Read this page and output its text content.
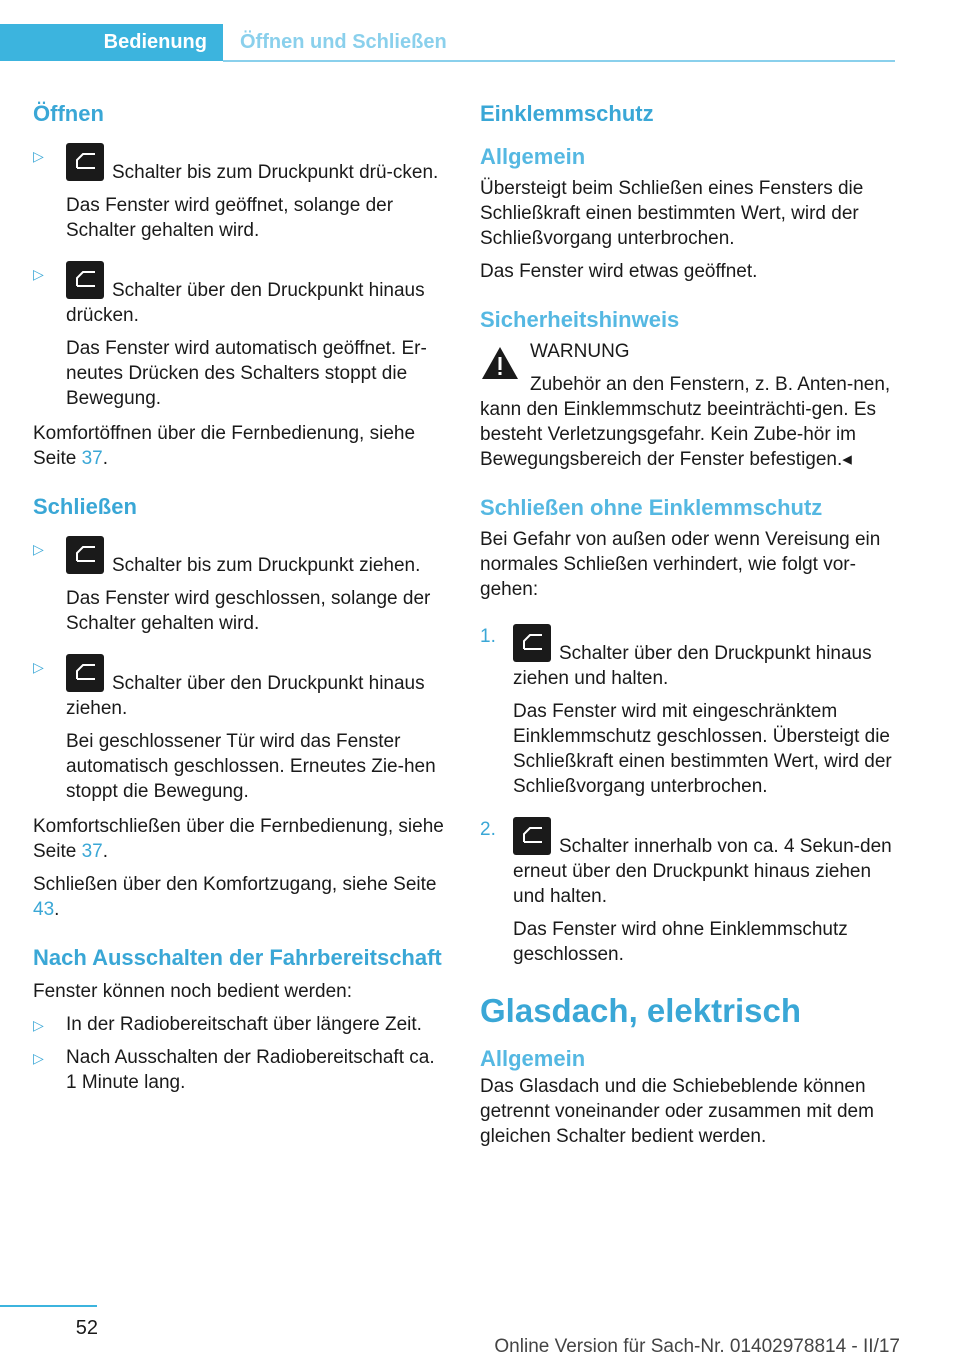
Bedienung	Öffnen und Schließen
Öffnen
▷

Schalter bis zum Druckpunkt drü-cken.

Das Fenster wird geöffnet, solange der Schalter gehalten wird.

▷

Schalter über den Druckpunkt hinaus drücken.

Das Fenster wird automatisch geöffnet. Er-neutes Drücken des Schalters stoppt die Bewegung.

Komfortöffnen über die Fernbedienung, siehe Seite 37.

Schließen
▷

Schalter bis zum Druckpunkt ziehen.

Das Fenster wird geschlossen, solange der Schalter gehalten wird.

▷

Schalter über den Druckpunkt hinaus ziehen.

Bei geschlossener Tür wird das Fenster automatisch geschlossen. Erneutes Zie-hen stoppt die Bewegung.

Komfortschließen über die Fernbedienung, siehe Seite 37.

Schließen über den Komfortzugang, siehe Seite 43.

Nach Ausschalten der Fahrbereitschaft

Fenster können noch bedient werden:

▷ In der Radiobereitschaft über längere Zeit.

▷ Nach Ausschalten der Radiobereitschaft ca. 1 Minute lang.

Einklemmschutz
Allgemein

Übersteigt beim Schließen eines Fensters die Schließkraft einen bestimmten Wert, wird der Schließvorgang unterbrochen.

Das Fenster wird etwas geöffnet.

Sicherheitshinweis

WARNUNG

Zubehör an den Fenstern, z. B. Anten-nen, kann den Einklemmschutz beeinträchti-gen. Es besteht Verletzungsgefahr. Kein Zube-hör im Bewegungsbereich der Fenster befestigen.◂

Schließen ohne Einklemmschutz

Bei Gefahr von außen oder wenn Vereisung ein normales Schließen verhindert, wie folgt vor-gehen:

1.

Schalter über den Druckpunkt hinaus ziehen und halten.

Das Fenster wird mit eingeschränktem Einklemmschutz geschlossen. Übersteigt die Schließkraft einen bestimmten Wert, wird der Schließvorgang unterbrochen.

2.

Schalter innerhalb von ca. 4 Sekun-den erneut über den Druckpunkt hinaus ziehen und halten.

Das Fenster wird ohne Einklemmschutz geschlossen.

Glasdach, elektrisch
Allgemein

Das Glasdach und die Schiebeblende können getrennt voneinander oder zusammen mit dem gleichen Schalter bedient werden.

52
Online Version für Sach-Nr. 01402978814 - II/17
